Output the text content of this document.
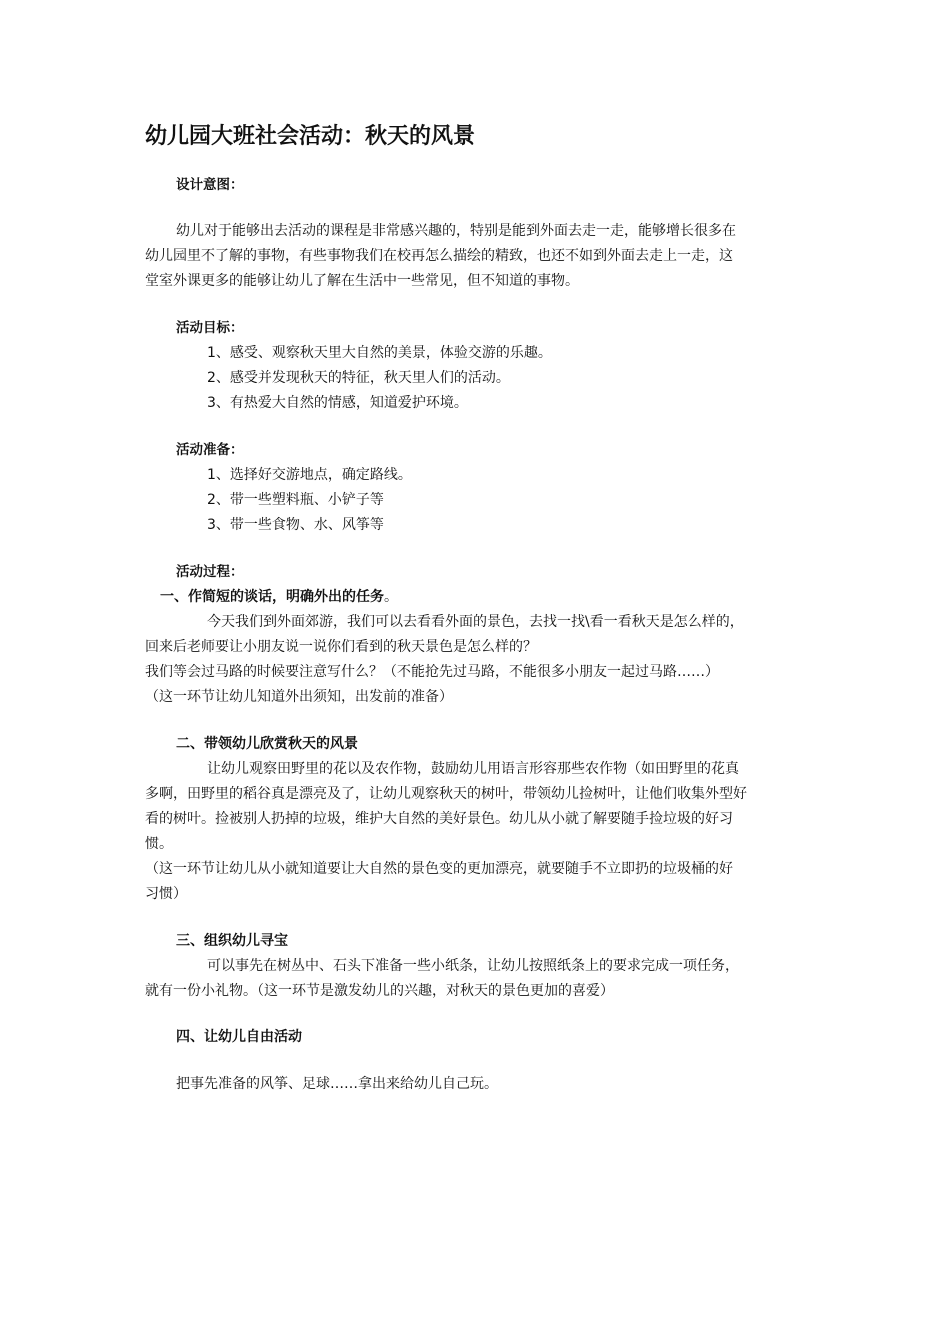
幼儿园大班社会活动：秋天的风景
设计意图：
幼儿对于能够出去活动的课程是非常感兴趣的，特别是能到外面去走一走，能够增长很多在
幼儿园里不了解的事物，有些事物我们在校再怎么描绘的精致，也还不如到外面去走上一走，这
堂室外课更多的能够让幼儿了解在生活中一些常见，但不知道的事物。
活动目标：
1、感受、观察秋天里大自然的美景，体验交游的乐趣。
2、感受并发现秋天的特征，秋天里人们的活动。
3、有热爱大自然的情感，知道爱护环境。
活动准备：
1、选择好交游地点，确定路线。
2、带一些塑料瓶、小铲子等
3、带一些食物、水、风筝等
活动过程：
一、作简短的谈话，明确外出的任务。
今天我们到外面郊游，我们可以去看看外面的景色，去找一找\看一看秋天是怎么样的，
回来后老师要让小朋友说一说你们看到的秋天景色是怎么样的？
我们等会过马路的时候要注意写什么？（不能抢先过马路，不能很多小朋友一起过马路……）
（这一环节让幼儿知道外出须知，出发前的准备）
二、带领幼儿欣赏秋天的风景
让幼儿观察田野里的花以及农作物，鼓励幼儿用语言形容那些农作物（如田野里的花真
多啊，田野里的稻谷真是漂亮及了，让幼儿观察秋天的树叶，带领幼儿捡树叶，让他们收集外型好
看的树叶。捡被别人扔掉的垃圾，维护大自然的美好景色。幼儿从小就了解要随手捡垃圾的好习
惯。
（这一环节让幼儿从小就知道要让大自然的景色变的更加漂亮，就要随手不立即扔的垃圾桶的好
习惯）
三、组织幼儿寻宝
可以事先在树丛中、石头下准备一些小纸条，让幼儿按照纸条上的要求完成一项任务，
就有一份小礼物。（这一环节是激发幼儿的兴趣，对秋天的景色更加的喜爱）
四、让幼儿自由活动
把事先准备的风筝、足球……拿出来给幼儿自己玩。
